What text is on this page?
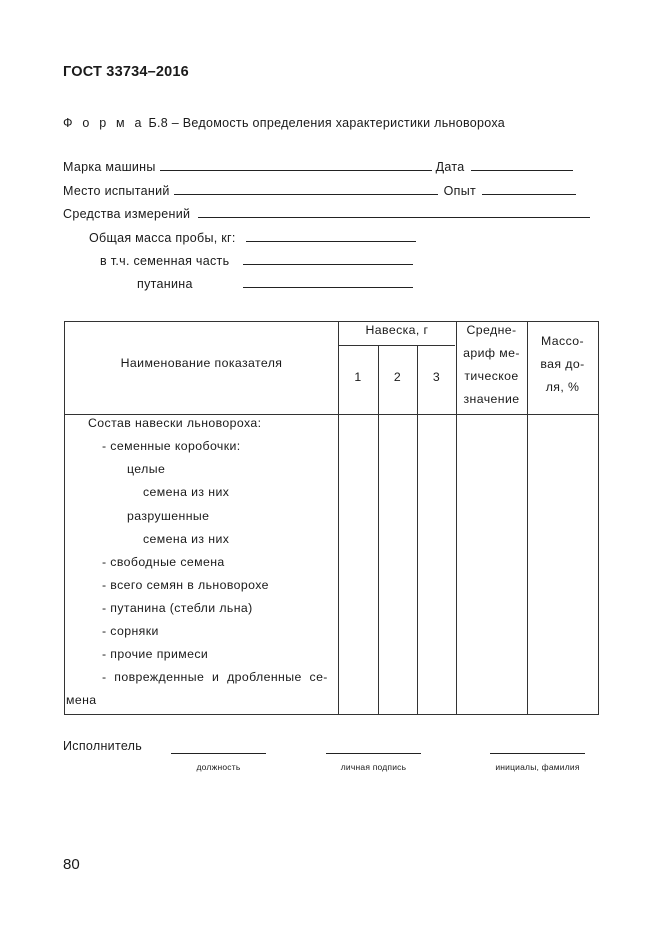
ГОСТ 33734–2016
Ф о р м а Б.8 – Ведомость определения характеристики льновороха
Марка машины	Дата
Место испытаний	Опыт
Средства измерений
Общая масса пробы, кг:
в т.ч. семенная часть
путанина
Наименование показателя
Навеска, г
1	2	3
Средне-
ариф ме-
тическое
значение
Массо-
вая до-
ля, %
Состав навески льновороха:
- семенные коробочки:
целые
семена из них
разрушенные
семена из них
- свободные семена
- всего семян в льноворохе
- путанина (стебли льна)
- сорняки
- прочие примеси
- поврежденные и дробленные се-
мена
Исполнитель
должность	личная подпись	инициалы, фамилия
80
